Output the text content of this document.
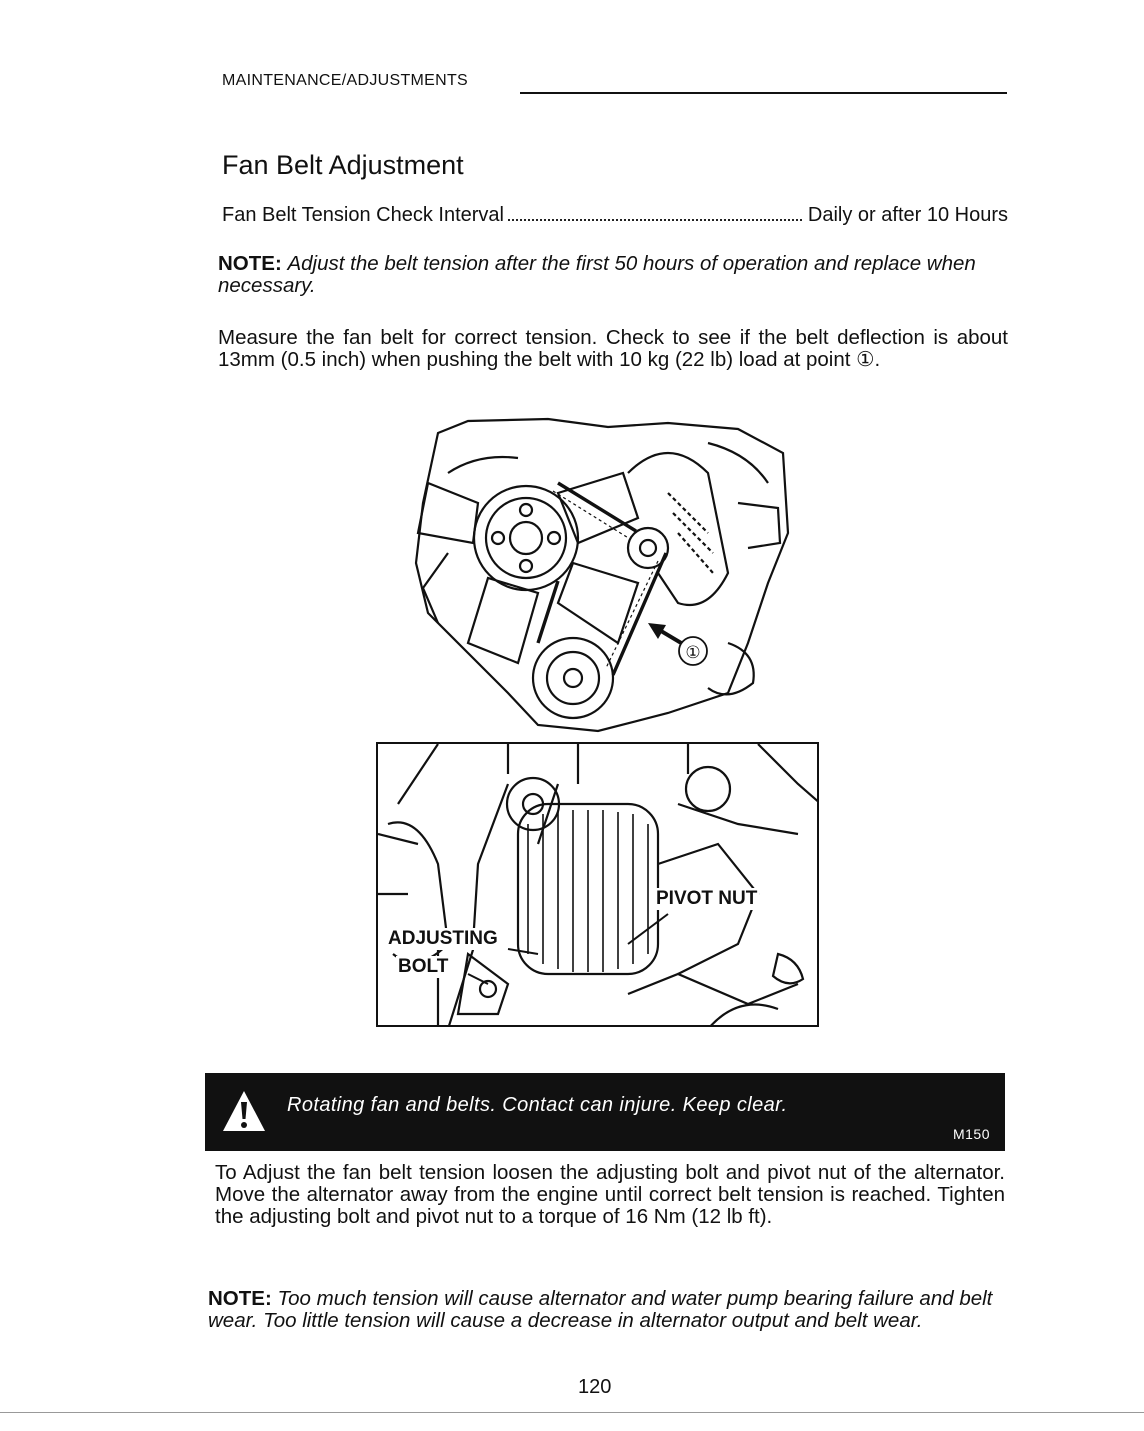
MAINTENANCE/ADJUSTMENTS
Fan Belt Adjustment
Fan Belt Tension Check Interval	Daily or after 10 Hours
NOTE: Adjust the belt tension after the first 50 hours of operation and replace when necessary.
Measure the fan belt for correct tension. Check to see if the belt deflection is about 13mm (0.5 inch) when pushing the belt with 10 kg (22 lb) load at point ①.
①
PIVOT NUT
ADJUSTING
BOLT
Rotating fan and belts. Contact can injure. Keep clear.
M150
To Adjust the fan belt tension loosen the adjusting bolt and pivot nut of the alternator. Move the alternator away from the engine until correct belt tension is reached. Tighten the adjusting bolt and pivot nut to a torque of 16 Nm (12 lb ft).
NOTE: Too much tension will cause alternator and water pump bearing failure and belt wear. Too little tension will cause a decrease in alternator output and belt wear.
120
